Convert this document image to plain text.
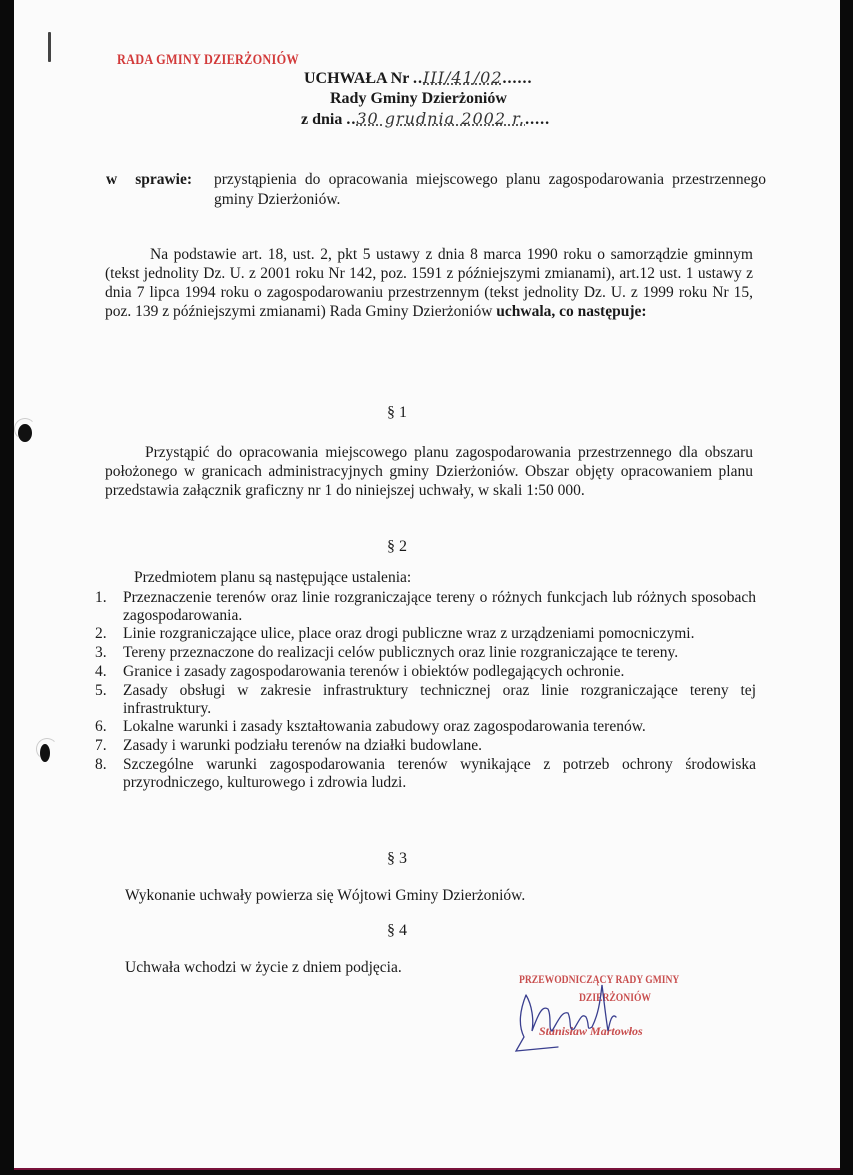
RADA GMINY DZIERŻONIÓW
UCHWAŁA Nr ..III/41/02......
Rady Gminy Dzierżoniów
z dnia ..30 grudnia 2002 r......
w sprawie:	przystąpienia do opracowania miejscowego planu zagospodarowania przestrzennego gminy Dzierżoniów.
Na podstawie art. 18, ust. 2, pkt 5 ustawy z dnia 8 marca 1990 roku o samorządzie gminnym (tekst jednolity Dz. U. z 2001 roku Nr 142, poz. 1591 z późniejszymi zmianami), art.12 ust. 1 ustawy z dnia 7 lipca 1994 roku o zagospodarowaniu przestrzennym (tekst jednolity Dz. U. z 1999 roku Nr 15, poz. 139 z późniejszymi zmianami) Rada Gminy Dzierżoniów uchwala, co następuje:
§ 1
Przystąpić do opracowania miejscowego planu zagospodarowania przestrzennego dla obszaru położonego w granicach administracyjnych gminy Dzierżoniów. Obszar objęty opracowaniem planu przedstawia załącznik graficzny nr 1 do niniejszej uchwały, w skali 1:50 000.
§ 2
Przedmiotem planu są następujące ustalenia:
1.	Przeznaczenie terenów oraz linie rozgraniczające tereny o różnych funkcjach lub różnych sposobach zagospodarowania.
2.	Linie rozgraniczające ulice, place oraz drogi publiczne wraz z urządzeniami pomocniczymi.
3.	Tereny przeznaczone do realizacji celów publicznych oraz linie rozgraniczające te tereny.
4.	Granice i zasady zagospodarowania terenów i obiektów podlegających ochronie.
5.	Zasady obsługi w zakresie infrastruktury technicznej oraz linie rozgraniczające tereny tej infrastruktury.
6.	Lokalne warunki i zasady kształtowania zabudowy oraz zagospodarowania terenów.
7.	Zasady i warunki podziału terenów na działki budowlane.
8.	Szczególne warunki zagospodarowania terenów wynikające z potrzeb ochrony środowiska przyrodniczego, kulturowego i zdrowia ludzi.
§ 3
Wykonanie uchwały powierza się Wójtowi Gminy Dzierżoniów.
§ 4
Uchwała wchodzi w życie z dniem podjęcia.
PRZEWODNICZĄCY RADY GMINY
DZIERŻONIÓW
Stanisław Martowłos
